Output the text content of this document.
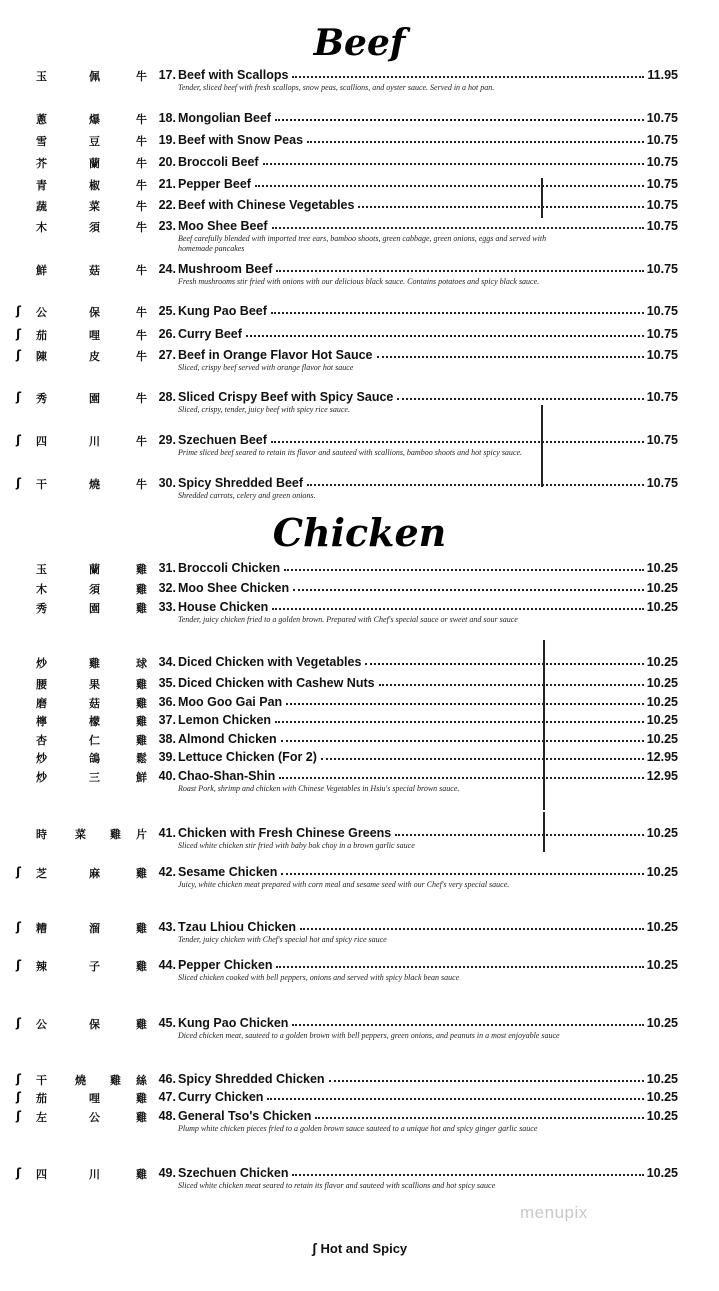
Beef
玉	佩	牛 17. Beef with Scallops	11.95
Tender, sliced beef with fresh scallops, snow peas, scallions, and oyster sauce. Served in a hot pan.
蔥	爆	牛 18. Mongolian Beef	10.75
雪	豆	牛 19. Beef with Snow Peas	10.75
芥	蘭	牛 20. Broccoli Beef	10.75
青	椒	牛 21. Pepper Beef	10.75
蔬	菜	牛 22. Beef with Chinese Vegetables	10.75
木	須	牛 23. Moo Shee Beef	10.75
Beef carefully blended with imported tree ears, bamboo shoots, green cabbage, green onions, eggs and served with homemade pancakes
鮮	菇	牛 24. Mushroom Beef	10.75
Fresh mushrooms stir fried with onions with our delicious black sauce. Contains potatoes and spicy black sauce.
ʃ 公	保	牛 25. Kung Pao Beef	10.75
ʃ 茄	哩	牛 26. Curry Beef	10.75
ʃ 陳	皮	牛 27. Beef in Orange Flavor Hot Sauce	10.75
Sliced, crispy beef served with orange flavor hot sauce
ʃ 秀	園	牛 28. Sliced Crispy Beef with Spicy Sauce	10.75
Sliced, crispy, tender, juicy beef with spicy rice sauce.
ʃ 四	川	牛 29. Szechuen Beef	10.75
Prime sliced beef seared to retain its flavor and sauteed with scallions, bamboo shoots and hot spicy sauce.
ʃ 干	燒	牛 30. Spicy Shredded Beef	10.75
Shredded carrots, celery and green onions.
Chicken
玉	蘭	雞 31. Broccoli Chicken	10.25
木	須	雞 32. Moo Shee Chicken	10.25
秀	園	雞 33. House Chicken	10.25
Tender, juicy chicken fried to a golden brown. Prepared with Chef's special sauce or sweet and sour sauce
炒	雞	球 34. Diced Chicken with Vegetables	10.25
腰	果	雞 35. Diced Chicken with Cashew Nuts	10.25
磨	菇	雞 36. Moo Goo Gai Pan	10.25
檸	檬	雞 37. Lemon Chicken	10.25
杏	仁	雞 38. Almond Chicken	10.25
炒	鴿	鬆 39. Lettuce Chicken (For 2)	12.95
炒	三	鮮 40. Chao-Shan-Shin	12.95
Roast Pork, shrimp and chicken with Chinese Vegetables in Hsiu's special brown sauce.
時	菜 雞 片 41. Chicken with Fresh Chinese Greens	10.25
Sliced white chicken stir fried with baby bok choy in a brown garlic sauce
ʃ 芝	麻	雞 42. Sesame Chicken	10.25
Juicy, white chicken meat prepared with corn meal and sesame seed with our Chef's very special sauce.
ʃ 糟	溜	雞 43. Tzau Lhiou Chicken	10.25
Tender, juicy chicken with Chef's special hot and spicy rice sauce
ʃ 辣	子	雞 44. Pepper Chicken	10.25
Sliced chicken cooked with bell peppers, onions and served with spicy black bean sauce
ʃ 公	保	雞 45. Kung Pao Chicken	10.25
Diced chicken meat, sauteed to a golden brown with bell peppers, green onions, and peanuts in a most enjoyable sauce
ʃ 干	燒 雞 絲 46. Spicy Shredded Chicken	10.25
ʃ 茄	哩	雞 47. Curry Chicken	10.25
ʃ 左	公	雞 48. General Tso's Chicken	10.25
Plump white chicken pieces fried to a golden brown sauce sauteed to a unique hot and spicy ginger garlic sauce
ʃ 四	川	雞 49. Szechuen Chicken	10.25
Sliced white chicken meat seared to retain its flavor and sauteed with scallions and hot spicy sauce
ʃ Hot and Spicy
menupix
